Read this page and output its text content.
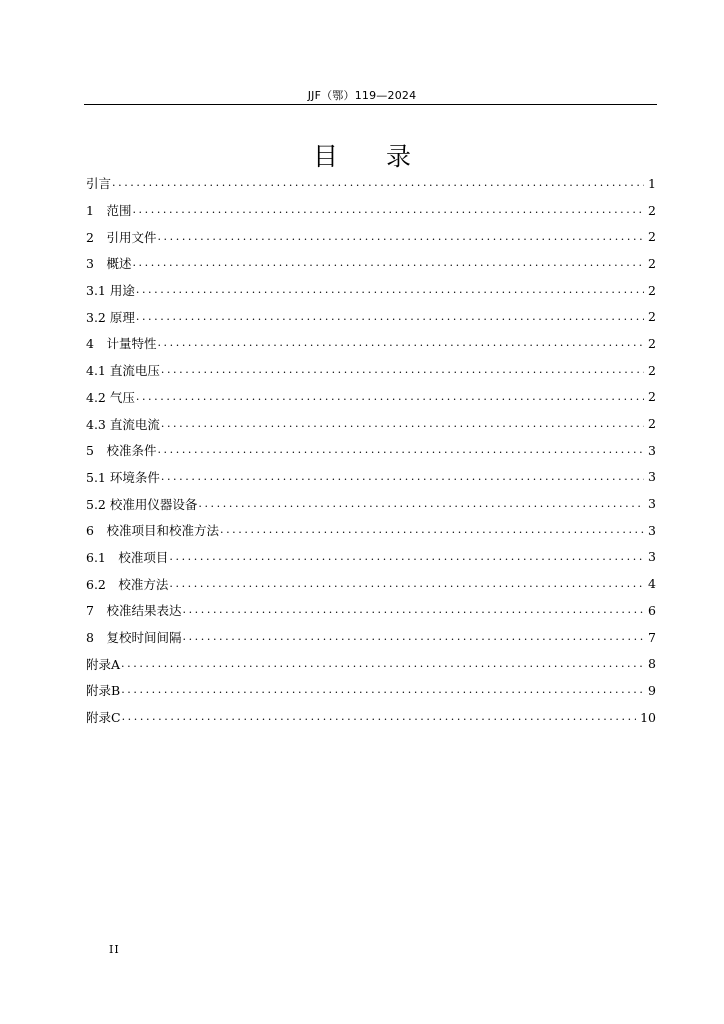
JJF（鄂）119—2024
目 录
引言 .....	1
1　范围 .....	2
2　引用文件 .....	2
3　概述 .....	2
3.1 用途 .....	2
3.2 原理 .....	2
4　计量特性 .....	2
4.1 直流电压 .....	2
4.2 气压 .....	2
4.3 直流电流 .....	2
5　校准条件 .....	3
5.1 环境条件 .....	3
5.2 校准用仪器设备 .....	3
6　校准项目和校准方法 .....	3
6.1　校准项目 .....	3
6.2　校准方法 .....	4
7　校准结果表达 .....	6
8　复校时间间隔 .....	7
附录A .....	8
附录B .....	9
附录C .....	10
II
